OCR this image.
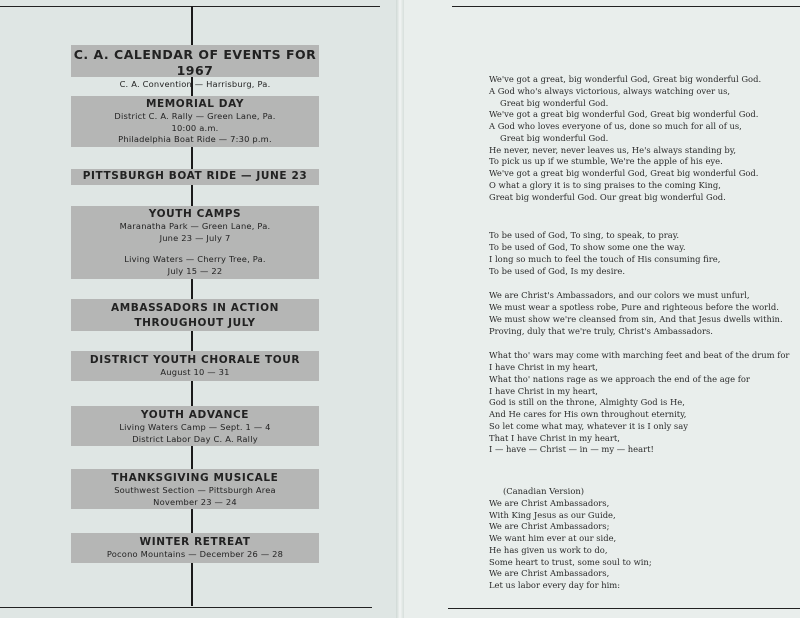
C. A. CALENDAR OF EVENTS FOR 1967
C. A. Convention — Harrisburg, Pa.
MEMORIAL DAY
District C. A. Rally — Green Lane, Pa.
10:00 a.m.
Philadelphia Boat Ride — 7:30 p.m.
PITTSBURGH BOAT RIDE — JUNE 23
YOUTH CAMPS
Maranatha Park — Green Lane, Pa.
June 23 — July 7
Living Waters — Cherry Tree, Pa.
July 15 — 22
AMBASSADORS IN ACTION
THROUGHOUT JULY
DISTRICT YOUTH CHORALE TOUR
August 10 — 31
YOUTH ADVANCE
Living Waters Camp — Sept. 1 — 4
District Labor Day C. A. Rally
THANKSGIVING MUSICALE
Southwest Section — Pittsburgh Area
November 23 — 24
WINTER RETREAT
Pocono Mountains — December 26 — 28
We've got a great, big wonderful God, Great big wonderful God.
A God who's always victorious, always watching over us,
Great big wonderful God.
We've got a great big wonderful God, Great big wonderful God.
A God who loves everyone of us, done so much for all of us,
Great big wonderful God.
He never, never, never leaves us, He's always standing by,
To pick us up if we stumble, We're the apple of his eye.
We've got a great big wonderful God, Great big wonderful God.
O what a glory it is to sing praises to the coming King,
Great big wonderful God. Our great big wonderful God.
To be used of God, To sing, to speak, to pray.
To be used of God, To show some one the way.
I long so much to feel the touch of His consuming fire,
To be used of God, Is my desire.
We are Christ's Ambassadors, and our colors we must unfurl,
We must wear a spotless robe, Pure and righteous before the world.
We must show we're cleansed from sin, And that Jesus dwells within.
Proving, duly that we're truly, Christ's Ambassadors.
What tho' wars may come with marching feet and beat of the drum for
I have Christ in my heart,
What tho' nations rage as we approach the end of the age for
I have Christ in my heart,
God is still on the throne, Almighty God is He,
And He cares for His own throughout eternity,
So let come what may, whatever it is I only say
That I have Christ in my heart,
I — have — Christ — in — my — heart!
(Canadian Version)
We are Christ Ambassadors,
With King Jesus as our Guide,
We are Christ Ambassadors;
We want him ever at our side,
He has given us work to do,
Some heart to trust, some soul to win;
We are Christ Ambassadors,
Let us labor every day for him:
